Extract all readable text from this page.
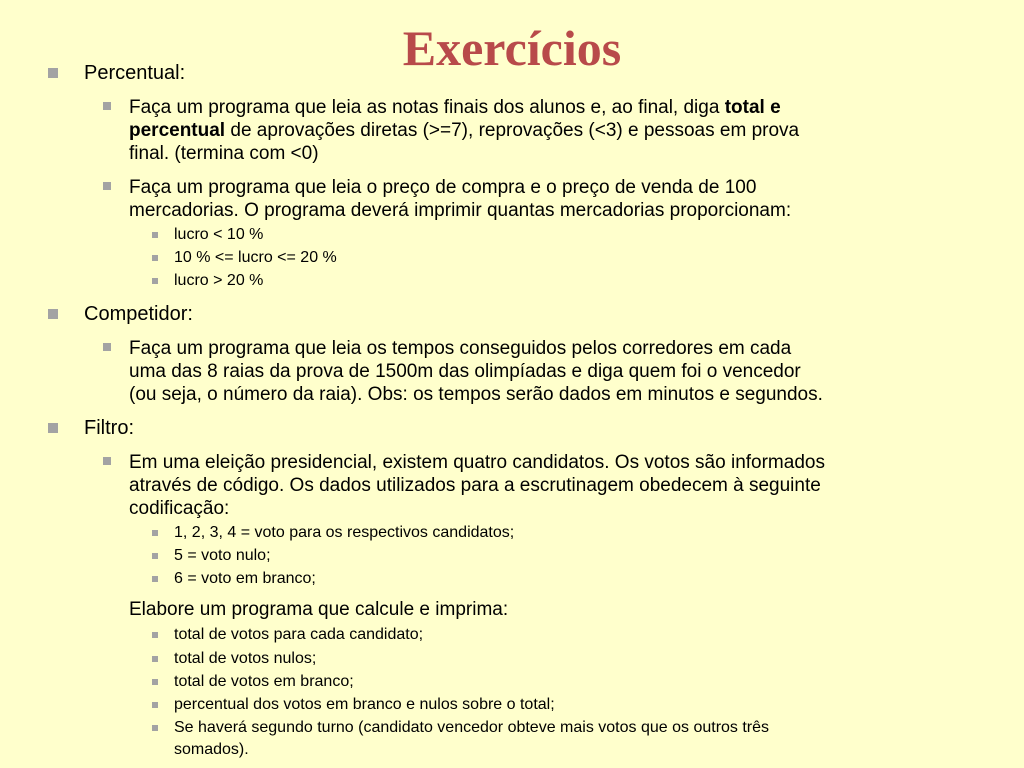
Exercícios
Percentual:
Faça um programa que leia as notas finais dos alunos e, ao final, diga total e
percentual de aprovações diretas (>=7), reprovações (<3) e pessoas em prova
final. (termina com <0)
Faça um programa que leia o preço de compra e o preço de venda de 100
mercadorias. O programa deverá imprimir quantas mercadorias proporcionam:
lucro < 10 %
10 % <= lucro <= 20 %
lucro > 20 %
Competidor:
Faça um programa que leia os tempos conseguidos pelos corredores em cada
uma das 8 raias da prova de 1500m das olimpíadas e diga quem foi o vencedor
(ou seja, o número da raia). Obs: os tempos serão dados em minutos e segundos.
Filtro:
Em uma eleição presidencial, existem quatro candidatos. Os votos são informados
através de código. Os dados utilizados para a escrutinagem obedecem à seguinte
codificação:
1, 2, 3, 4 = voto para os respectivos candidatos;
5 = voto nulo;
6 = voto em branco;
Elabore um programa que calcule e imprima:
total de votos para cada candidato;
total de votos nulos;
total de votos em branco;
percentual dos votos em branco e nulos sobre o total;
Se haverá segundo turno (candidato vencedor obteve mais votos que os outros três
somados).
